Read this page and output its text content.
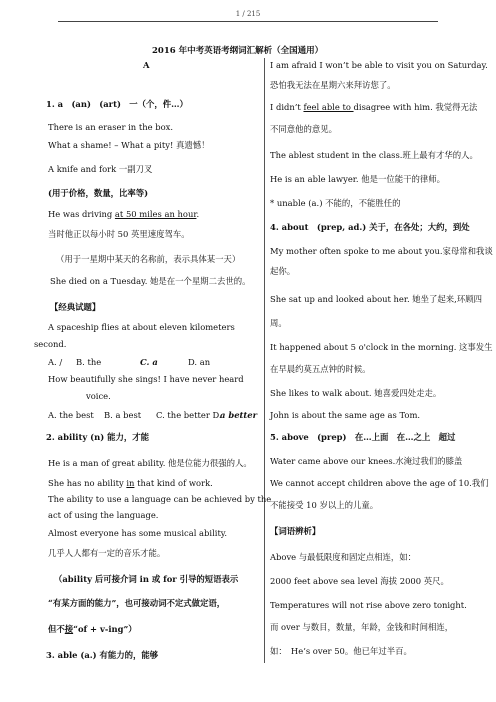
1 / 215
2016 年中考英语考纲词汇解析（全国通用）
A
1. a　(an)　(art)　一（个，件…）
There is an eraser in the box.
What a shame! – What a pity! 真遗憾！
A knife and fork 一副刀叉
(用于价格，数量，比率等)
He was driving at 50 miles an hour.
当时他正以每小时 50 英里速度驾车。
（用于一星期中某天的名称前，表示具体某一天）
She died on a Tuesday. 她是在一个星期二去世的。
【经典试题】
A spaceship flies at about eleven kilometers
second.
A. / B. the	C. a	D. an
How beautifully she sings! I have never heard
voice.
A. the best B. a best C. the better D.
a better
2. ability (n) 能力，才能
He is a man of great ability. 他是位能力很强的人。
She has no ability in that kind of work.
The ability to use a language can be achieved by the
act of using the language.
Almost everyone has some musical ability.
几乎人人都有一定的音乐才能。
（ability 后可接介词 in 或 for 引导的短语表示
“有某方面的能力”，也可接动词不定式做定语，
但不接“of + v-ing”）
3. able (a.) 有能力的，能够
I am afraid I won’t be able to visit you on Saturday.
恐怕我无法在星期六来拜访您了。
I didn’t feel able to disagree with him. 我觉得无法
不同意他的意见。
The ablest student in the class.班上最有才华的人。
He is an able lawyer. 他是一位能干的律师。
* unable (a.) 不能的，不能胜任的
4. about　(prep, ad.) 关于，在各处；大约，到处
My mother often spoke to me about you.家母常和我谈
起你。
She sat up and looked about her. 她坐了起来,环顾四
周。
It happened about 5 o'clock in the morning. 这事发生
在早晨约莫五点钟的时候。
She likes to walk about. 她喜爱四处走走。
John is about the same age as Tom.
5. above　(prep)　在…上面　在…之上　超过
Water came above our knees.水淹过我们的膝盖
We cannot accept children above the age of 10.我们
不能接受 10 岁以上的儿童。
【词语辨析】
Above 与最低限度和固定点相连，如：
2000 feet above sea level 海拔 2000 英尺。
Temperatures will not rise above zero tonight.
而 over 与数目，数量，年龄，金钱和时间相连，
如：　He’s over 50。他已年过半百。
